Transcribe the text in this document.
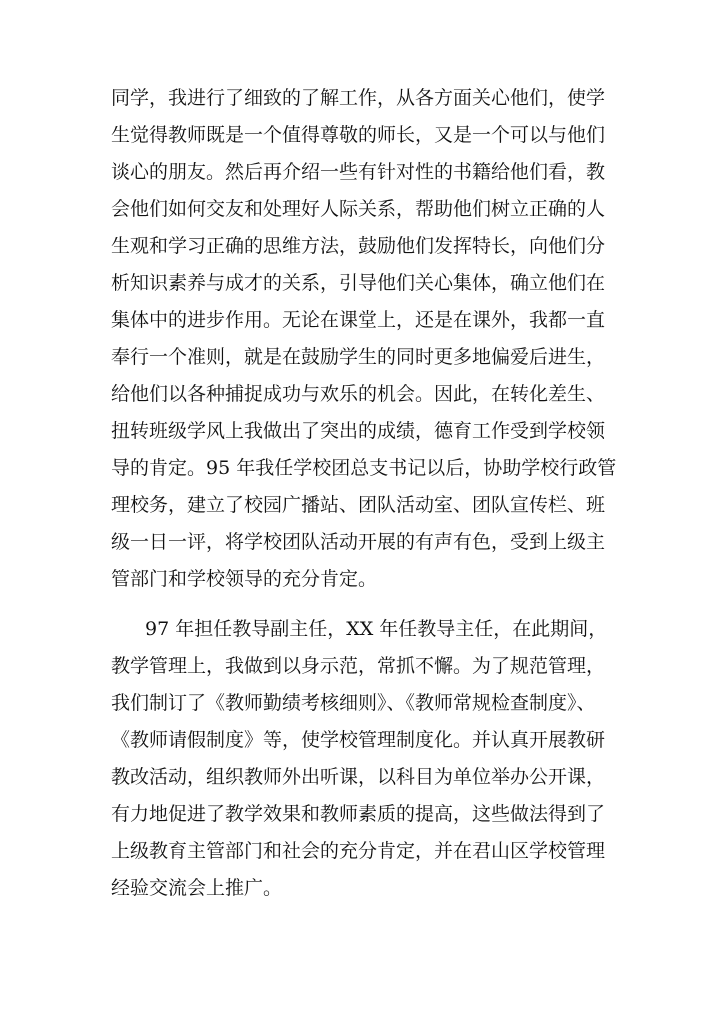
同学，我进行了细致的了解工作，从各方面关心他们，使学
生觉得教师既是一个值得尊敬的师长，又是一个可以与他们
谈心的朋友。然后再介绍一些有针对性的书籍给他们看，教
会他们如何交友和处理好人际关系，帮助他们树立正确的人
生观和学习正确的思维方法，鼓励他们发挥特长，向他们分
析知识素养与成才的关系，引导他们关心集体，确立他们在
集体中的进步作用。无论在课堂上，还是在课外，我都一直
奉行一个准则，就是在鼓励学生的同时更多地偏爱后进生，
给他们以各种捕捉成功与欢乐的机会。因此，在转化差生、
扭转班级学风上我做出了突出的成绩，德育工作受到学校领
导的肯定。95 年我任学校团总支书记以后，协助学校行政管
理校务，建立了校园广播站、团队活动室、团队宣传栏、班
级一日一评，将学校团队活动开展的有声有色，受到上级主
管部门和学校领导的充分肯定。
97 年担任教导副主任，XX 年任教导主任，在此期间，
教学管理上，我做到以身示范，常抓不懈。为了规范管理，
我们制订了《教师勤绩考核细则》、《教师常规检查制度》、
《教师请假制度》等，使学校管理制度化。并认真开展教研
教改活动，组织教师外出听课，以科目为单位举办公开课，
有力地促进了教学效果和教师素质的提高，这些做法得到了
上级教育主管部门和社会的充分肯定，并在君山区学校管理
经验交流会上推广。
